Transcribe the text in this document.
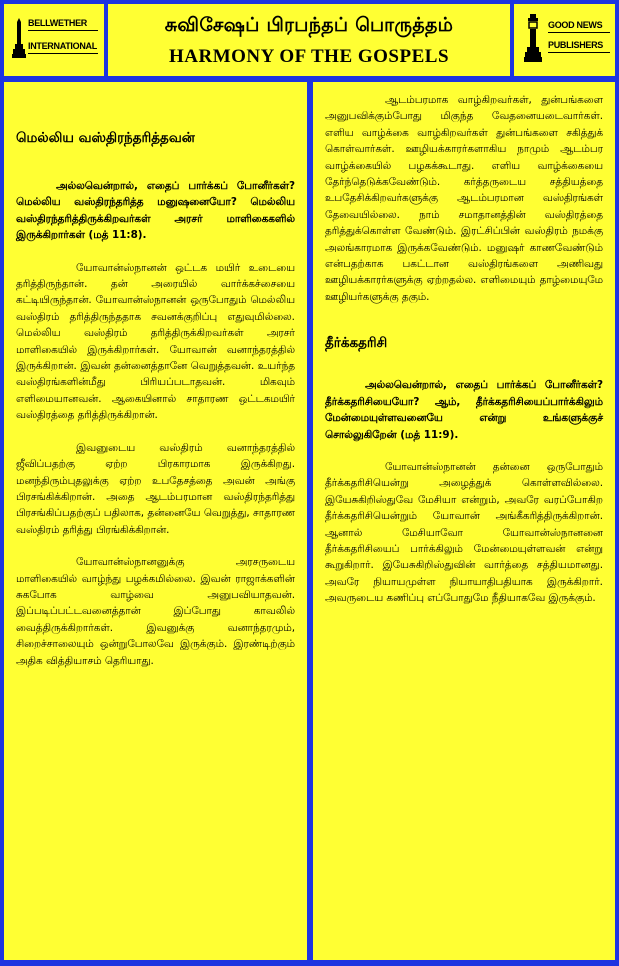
BELLWETHER
INTERNATIONAL
சுவிசேஷப் பிரபந்தப் பொருத்தம்
HARMONY OF THE GOSPELS
GOOD NEWS
PUBLISHERS
மெல்லிய வஸ்திரந்தரித்தவன்

அல்லவென்றால், எதைப் பார்க்கப் போனீர்கள்? மெல்லிய வஸ்திரந்தரித்த மனுஷனையோ? மெல்லிய வஸ்திரந்தரித்திருக்கிறவர்கள் அரசர் மாளிகைகளில் இருக்கிறார்கள் (மத் 11:8).

யோவான்ஸ்நானன் ஒட்டக மயிர் உடையை தரித்திருந்தான். தன் அரையில் வார்க்கச்சையை கட்டியிருந்தான். யோவான்ஸ்நானன் ஒருபோதும் மெல்லிய வஸ்திரம் தரித்திருந்ததாக சவனக்குறிப்பு எதுவுமில்லை. மெல்லிய வஸ்திரம் தரித்திருக்கிறவர்கள் அரசர் மாளிகையில் இருக்கிறார்கள். யோவான் வனாந்தரத்தில் இருக்கிறான். இவன் தன்னைத்தானே வெறுத்தவன். உயர்ந்த வஸ்திரங்களின்மீது பிரியப்படாதவன். மிகவும் எளிமையானவன். ஆகையினால் சாதாரண ஒட்டகமயிர் வஸ்திரத்தை தரித்திருக்கிறான்.

இவனுடைய வஸ்திரம் வனாந்தரத்தில் ஜீவிப்பதற்கு ஏற்ற பிரகாரமாக இருக்கிறது. மனந்திரும்புதலுக்கு ஏற்ற உபதேசத்தை அவன் அங்கு பிரசங்கிக்கிறான். அதை ஆடம்பரமான வஸ்திரந்தரித்து பிரசங்கிப்பதற்குப் பதிலாக, தன்னையே வெறுத்து, சாதாரண வஸ்திரம் தரித்து பிரங்கிக்கிறான்.

யோவான்ஸ்நானனுக்கு அரசருடைய மாளிகையில் வாழ்ந்து பழக்கமில்லை. இவன் ராஜாக்களின் சுகபோக வாழ்வை அனுபவியாதவன். இப்படிப்பட்டவனைத்தான் இப்போது காவலில் வைத்திருக்கிறார்கள். இவனுக்கு வனாந்தரமும், சிறைச்சாலையும் ஒன்றுபோலவே இருக்கும். இரண்டிற்கும் அதிக வித்தியாசம் தெரியாது.

ஆடம்பரமாக வாழ்கிறவர்கள், துன்பங்களை அனுபவிக்கும்போது மிகுந்த வேதனையடைவார்கள். எளிய வாழ்க்கை வாழ்கிறவர்கள் துன்பங்களை சகித்துக் கொள்வார்கள். ஊழியக்காரர்களாகிய நாமும் ஆடம்பர வாழ்க்கையில் பழகக்கூடாது. எளிய வாழ்க்கையை தேர்ந்தெடுக்கவேண்டும். கர்த்தருடைய சத்தியத்தை உபதேசிக்கிறவர்களுக்கு ஆடம்பரமான வஸ்திரங்கள் தேவையில்லை. நாம் சமாதானத்தின் வஸ்திரத்தை தரித்துக்கொள்ள வேண்டும். இரட்சிப்பின் வஸ்திரம் நமக்கு அலங்காரமாக இருக்கவேண்டும். மனுஷர் காணவேண்டும் என்பதற்காக பகட்டான வஸ்திரங்களை அணிவது ஊழியக்காரர்களுக்கு ஏற்றதல்ல. எளிமையும் தாழ்மையுமே ஊழியர்களுக்கு தகும்.

தீர்க்கதரிசி

அல்லவென்றால், எதைப் பார்க்கப் போனீர்கள்? தீர்க்கதரிசியையோ? ஆம், தீர்க்கதரிசியைப்பார்க்கிலும் மேன்மையுள்ளவனையே என்று உங்களுக்குச் சொல்லுகிறேன் (மத் 11:9).

யோவான்ஸ்நானன் தன்னை ஒருபோதும் தீர்க்கதரிசியென்று அழைத்துக் கொள்ளவில்லை. இயேசுகிறிஸ்துவே மேசியா என்றும், அவரே வரப்போகிற தீர்க்கதரிசியென்றும் யோவான் அங்கீகரித்திருக்கிறான். ஆனால் மேசியாவோ யோவான்ஸ்நானனை தீர்க்கதரிசியைப் பார்க்கிலும் மேன்மையுள்ளவன் என்று கூறுகிறார். இயேசுகிறிஸ்துவின் வார்த்தை சத்தியமானது. அவரே நியாயமுள்ள நியாயாதிபதியாக இருக்கிறார். அவருடைய கணிப்பு எப்போதுமே நீதியாகவே இருக்கும்.
